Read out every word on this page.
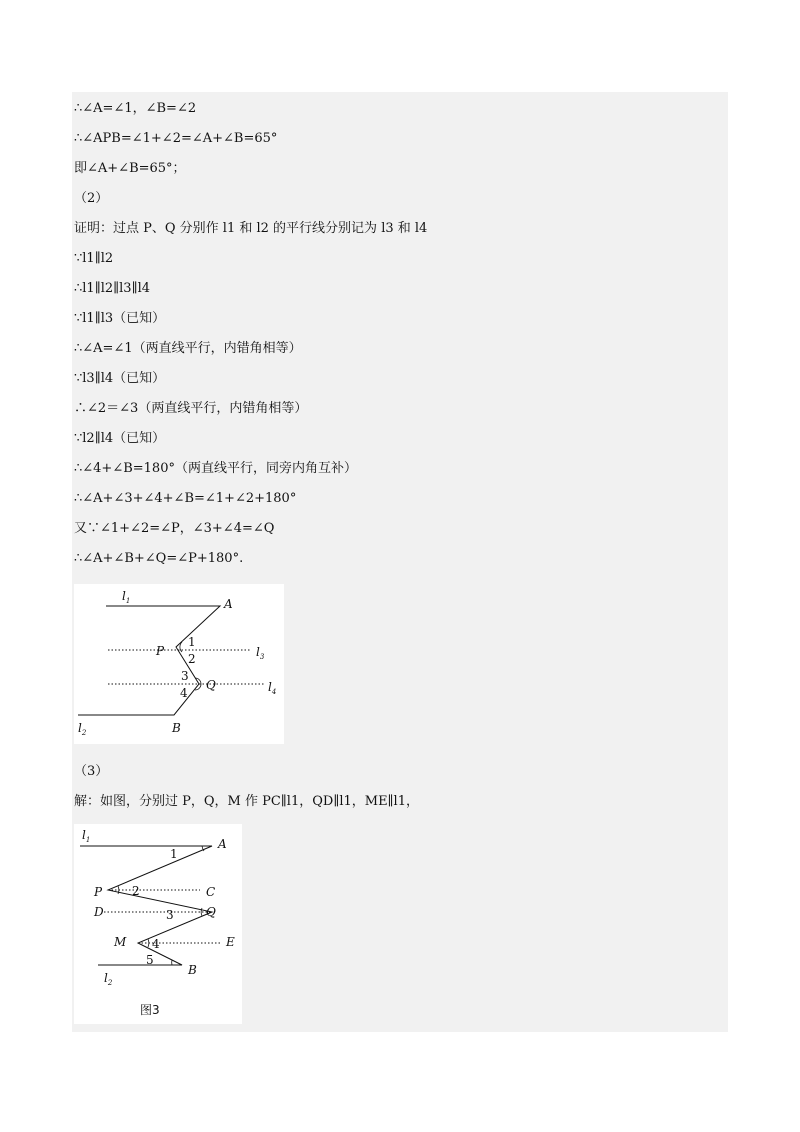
∴∠A=∠1，∠B=∠2
∴∠APB=∠1+∠2=∠A+∠B=65°
即∠A+∠B=65°；
（2）
证明：过点 P、Q 分别作 l1 和 l2 的平行线分别记为 l3 和 l4
∵l1∥l2
∴l1∥l2∥l3∥l4
∵l1∥l3（已知）
∴∠A=∠1（两直线平行，内错角相等）
∵l3∥l4（已知）
∴∠2＝∠3（两直线平行，内错角相等）
∵l2∥l4（已知）
∴∠4+∠B=180°（两直线平行，同旁内角互补）
∴∠A+∠3+∠4+∠B=∠1+∠2+180°
又∵∠1+∠2=∠P，∠3+∠4=∠Q
∴∠A+∠B+∠Q=∠P+180°.
$l_1$	A
P
1
2	$l_3$
3
Q
4	$l_4$
$l_2$	B
（3）
解：如图，分别过 P，Q，M 作 PC∥l1，QD∥l1，ME∥l1，
$l_1$	A
1
P 2	C
D	3	Q
M 4	E
5
B
$l_2$
图3
